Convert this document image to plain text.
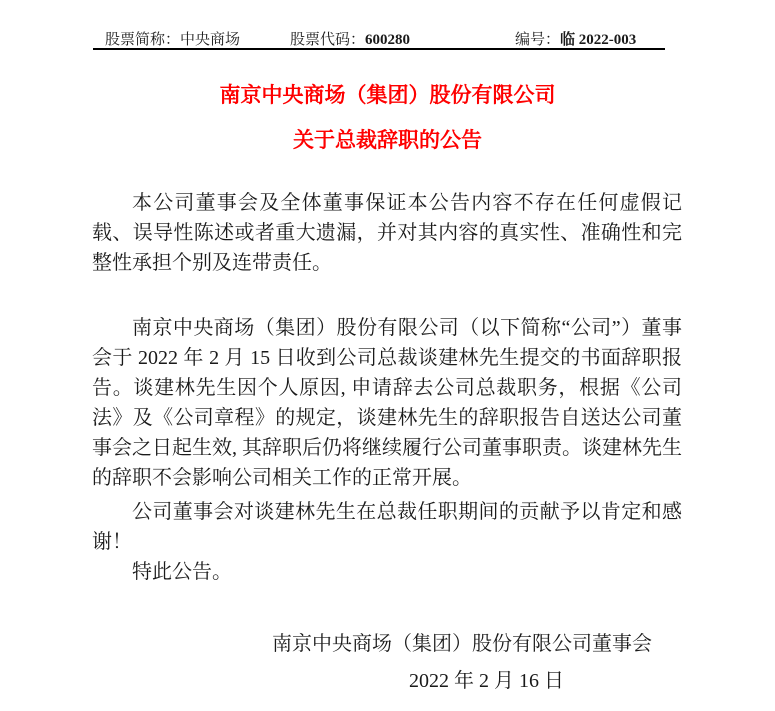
股票简称：中央商场	股票代码：600280	编号：临 2022-003
南京中央商场（集团）股份有限公司
关于总裁辞职的公告

本公司董事会及全体董事保证本公告内容不存在任何虚假记载、误导性陈述或者重大遗漏，并对其内容的真实性、准确性和完整性承担个别及连带责任。

南京中央商场（集团）股份有限公司（以下简称“公司”）董事会于 2022 年 2 月 15 日收到公司总裁谈建林先生提交的书面辞职报告。谈建林先生因个人原因, 申请辞去公司总裁职务，根据《公司法》及《公司章程》的规定，谈建林先生的辞职报告自送达公司董事会之日起生效, 其辞职后仍将继续履行公司董事职责。谈建林先生的辞职不会影响公司相关工作的正常开展。

公司董事会对谈建林先生在总裁任职期间的贡献予以肯定和感谢！

特此公告。

南京中央商场（集团）股份有限公司董事会
2022 年 2 月 16 日
